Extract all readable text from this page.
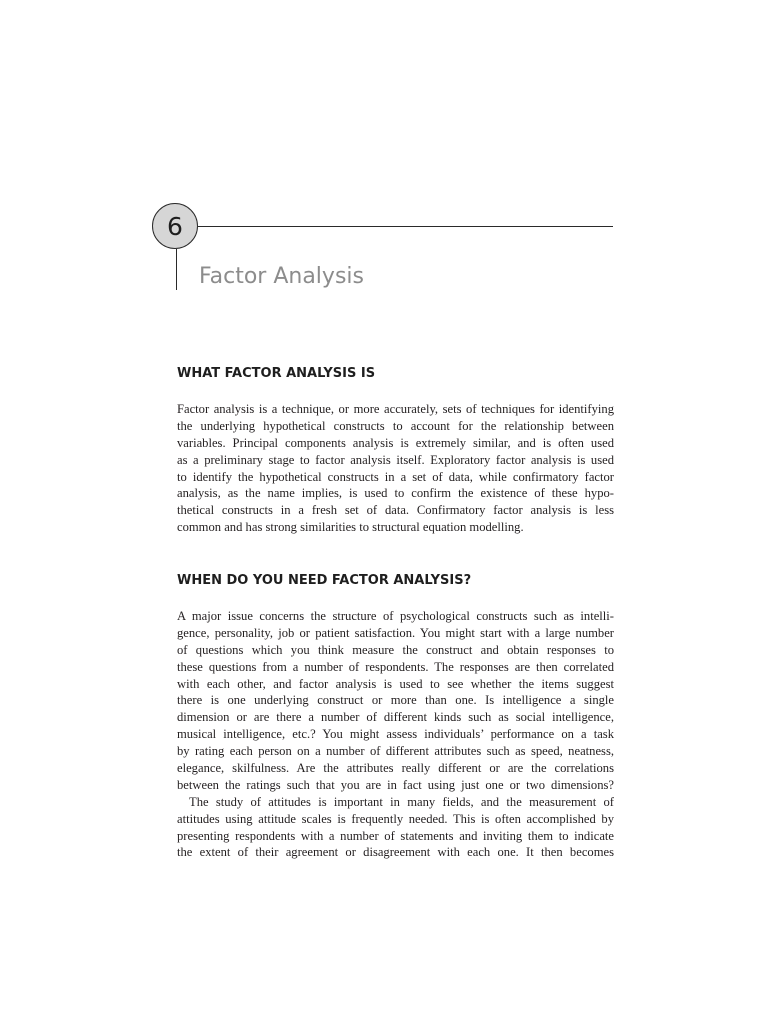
6
Factor Analysis
WHAT FACTOR ANALYSIS IS
Factor analysis is a technique, or more accurately, sets of techniques for identifying
the underlying hypothetical constructs to account for the relationship between
variables. Principal components analysis is extremely similar, and is often used
as a preliminary stage to factor analysis itself. Exploratory factor analysis is used
to identify the hypothetical constructs in a set of data, while confirmatory factor
analysis, as the name implies, is used to confirm the existence of these hypo-
thetical constructs in a fresh set of data. Confirmatory factor analysis is less
common and has strong similarities to structural equation modelling.
WHEN DO YOU NEED FACTOR ANALYSIS?
A major issue concerns the structure of psychological constructs such as intelli-
gence, personality, job or patient satisfaction. You might start with a large number
of questions which you think measure the construct and obtain responses to
these questions from a number of respondents. The responses are then correlated
with each other, and factor analysis is used to see whether the items suggest
there is one underlying construct or more than one. Is intelligence a single
dimension or are there a number of different kinds such as social intelligence,
musical intelligence, etc.? You might assess individuals’ performance on a task
by rating each person on a number of different attributes such as speed, neatness,
elegance, skilfulness. Are the attributes really different or are the correlations
between the ratings such that you are in fact using just one or two dimensions?
The study of attitudes is important in many fields, and the measurement of
attitudes using attitude scales is frequently needed. This is often accomplished by
presenting respondents with a number of statements and inviting them to indicate
the extent of their agreement or disagreement with each one. It then becomes
